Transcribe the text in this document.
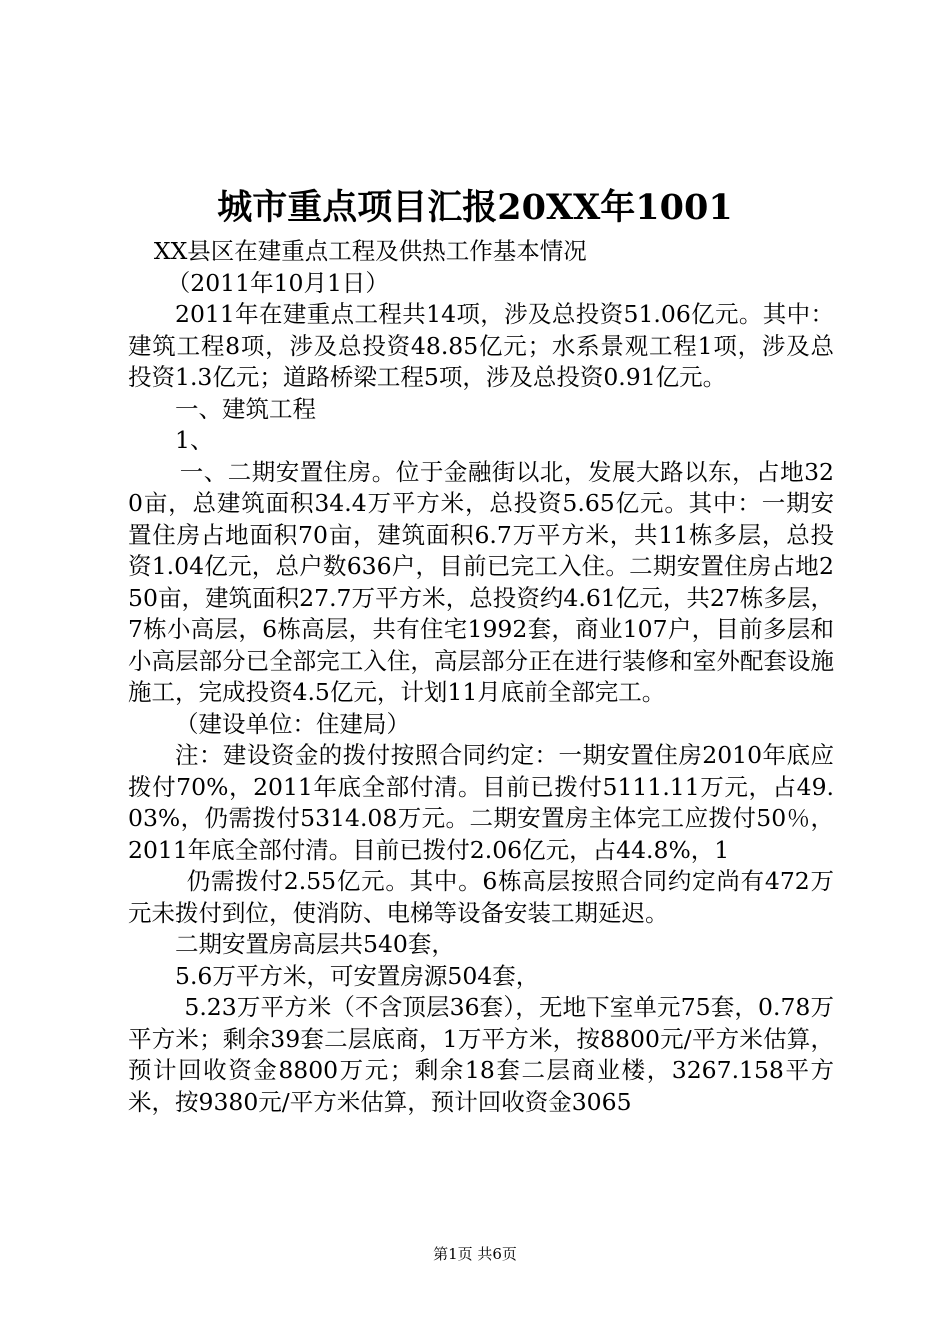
城市重点项目汇报20XX年1001

XX县区在建重点工程及供热工作基本情况

（2011年10月1日）

2011年在建重点工程共14项，涉及总投资51.06亿元。其中：建筑工程8项，涉及总投资48.85亿元；水系景观工程1项，涉及总投资1.3亿元；道路桥梁工程5项，涉及总投资0.91亿元。

一、建筑工程

1、

一、二期安置住房。位于金融街以北，发展大路以东，占地320亩，总建筑面积34.4万平方米，总投资5.65亿元。其中：一期安置住房占地面积70亩，建筑面积6.7万平方米，共11栋多层，总投资1.04亿元，总户数636户，目前已完工入住。二期安置住房占地250亩，建筑面积27.7万平方米，总投资约4.61亿元，共27栋多层，7栋小高层，6栋高层，共有住宅1992套，商业107户，目前多层和小高层部分已全部完工入住，高层部分正在进行装修和室外配套设施施工，完成投资4.5亿元，计划11月底前全部完工。

（建设单位：住建局）

注：建设资金的拨付按照合同约定：一期安置住房2010年底应拨付70%，2011年底全部付清。目前已拨付5111.11万元，占49.03%，仍需拨付5314.08万元。二期安置房主体完工应拨付50％，2011年底全部付清。目前已拨付2.06亿元，占44.8%，1

仍需拨付2.55亿元。其中。6栋高层按照合同约定尚有472万元未拨付到位，使消防、电梯等设备安装工期延迟。

二期安置房高层共540套，

5.6万平方米，可安置房源504套，

5.23万平方米（不含顶层36套），无地下室单元75套，0.78万平方米；剩余39套二层底商，1万平方米，按8800元/平方米估算，预计回收资金8800万元；剩余18套二层商业楼，3267.158平方米，按9380元/平方米估算，预计回收资金3065

第1页 共6页
